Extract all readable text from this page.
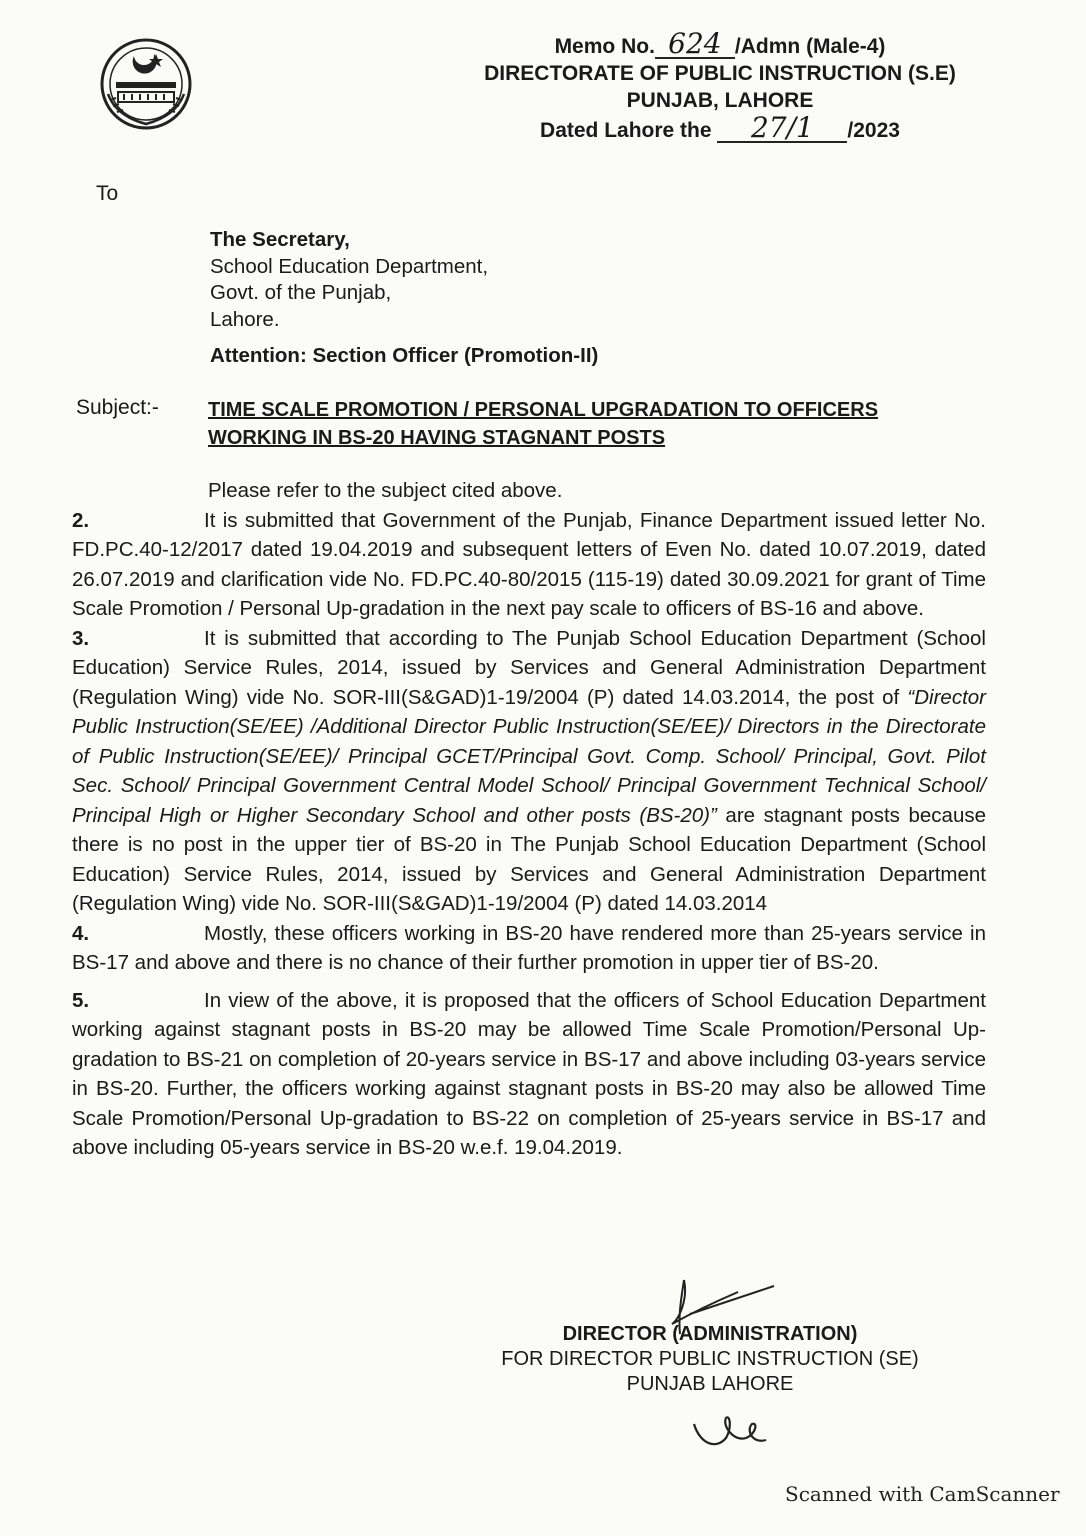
Memo No. 624 /Admn (Male-4)
DIRECTORATE OF PUBLIC INSTRUCTION (S.E)
PUNJAB, LAHORE
Dated Lahore the 27/1 /2023
To
The Secretary,
School Education Department,
Govt. of the Punjab,
Lahore.
Attention: Section Officer (Promotion-II)
Subject:- TIME SCALE PROMOTION / PERSONAL UPGRADATION TO OFFICERS
WORKING IN BS-20 HAVING STAGNANT POSTS

Please refer to the subject cited above.

2.	It is submitted that Government of the Punjab, Finance Department issued letter No. FD.PC.40-12/2017 dated 19.04.2019 and subsequent letters of Even No. dated 10.07.2019, dated 26.07.2019 and clarification vide No. FD.PC.40-80/2015 (115-19) dated 30.09.2021 for grant of Time Scale Promotion / Personal Up-gradation in the next pay scale to officers of BS-16 and above.

3.	It is submitted that according to The Punjab School Education Department (School Education) Service Rules, 2014, issued by Services and General Administration Department (Regulation Wing) vide No. SOR-III(S&GAD)1-19/2004 (P) dated 14.03.2014, the post of “Director Public Instruction(SE/EE) /Additional Director Public Instruction(SE/EE)/ Directors in the Directorate of Public Instruction(SE/EE)/ Principal GCET/Principal Govt. Comp. School/ Principal, Govt. Pilot Sec. School/ Principal Government Central Model School/ Principal Government Technical School/ Principal High or Higher Secondary School and other posts (BS-20)” are stagnant posts because there is no post in the upper tier of BS-20 in The Punjab School Education Department (School Education) Service Rules, 2014, issued by Services and General Administration Department (Regulation Wing) vide No. SOR-III(S&GAD)1-19/2004 (P) dated 14.03.2014

4.	Mostly, these officers working in BS-20 have rendered more than 25-years service in BS-17 and above and there is no chance of their further promotion in upper tier of BS-20.

5.	In view of the above, it is proposed that the officers of School Education Department working against stagnant posts in BS-20 may be allowed Time Scale Promotion/Personal Up-gradation to BS-21 on completion of 20-years service in BS-17 and above including 03-years service in BS-20. Further, the officers working against stagnant posts in BS-20 may also be allowed Time Scale Promotion/Personal Up-gradation to BS-22 on completion of 25-years service in BS-17 and above including 05-years service in BS-20 w.e.f. 19.04.2019.

DIRECTOR (ADMINISTRATION)
FOR DIRECTOR PUBLIC INSTRUCTION (SE)
PUNJAB LAHORE
Scanned with CamScanner
